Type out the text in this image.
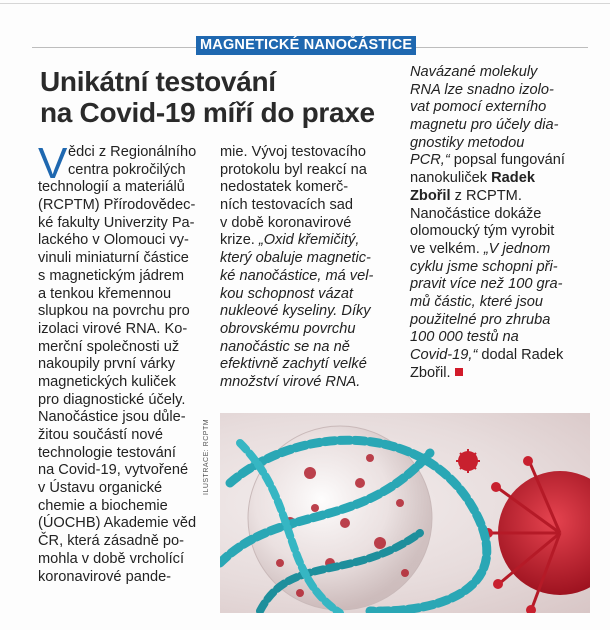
MAGNETICKÉ NANOČÁSTICE
Unikátní testování
na Covid-19 míří do praxe
V ědci z Regionálního
centra pokročilých
technologií a materiálů
(RCPTM) Přírodovědec-
ké fakulty Univerzity Pa-
lackého v Olomouci vy-
vinuli miniaturní částice
s magnetickým jádrem
a tenkou křemennou
slupkou na povrchu pro
izolaci virové RNA. Ko-
merční společnosti už
nakoupily první várky
magnetických kuliček
pro diagnostické účely.
Nanočástice jsou důle-
žitou součástí nové
technologie testování
na Covid-19, vytvořené
v Ústavu organické
chemie a biochemie
(ÚOCHB) Akademie věd
ČR, která zásadně po-
mohla v době vrcholící
koronavirové pande-
mie. Vývoj testovacího
protokolu byl reakcí na
nedostatek komerč-
ních testovacích sad
v době koronavirové
krize. „Oxid křemičitý,
který obaluje magnetic-
ké nanočástice, má vel-
kou schopnost vázat
nukleové kyseliny. Díky
obrovskému povrchu
nanočástic se na ně
efektivně zachytí velké
množství virové RNA.
Navázané molekuly
RNA lze snadno izolo-
vat pomocí externího
magnetu pro účely dia-
gnostiky metodou
PCR,“ popsal fungování
nanokuliček Radek
Zbořil z RCPTM.
Nanočástice dokáže
olomoucký tým vyrobit
ve velkém. „V jednom
cyklu jsme schopni při-
pravit více než 100 gra-
mů částic, které jsou
použitelné pro zhruba
100 000 testů na
Covid-19,“ dodal Radek
Zbořil.
ILUSTRACE: RCPTM
